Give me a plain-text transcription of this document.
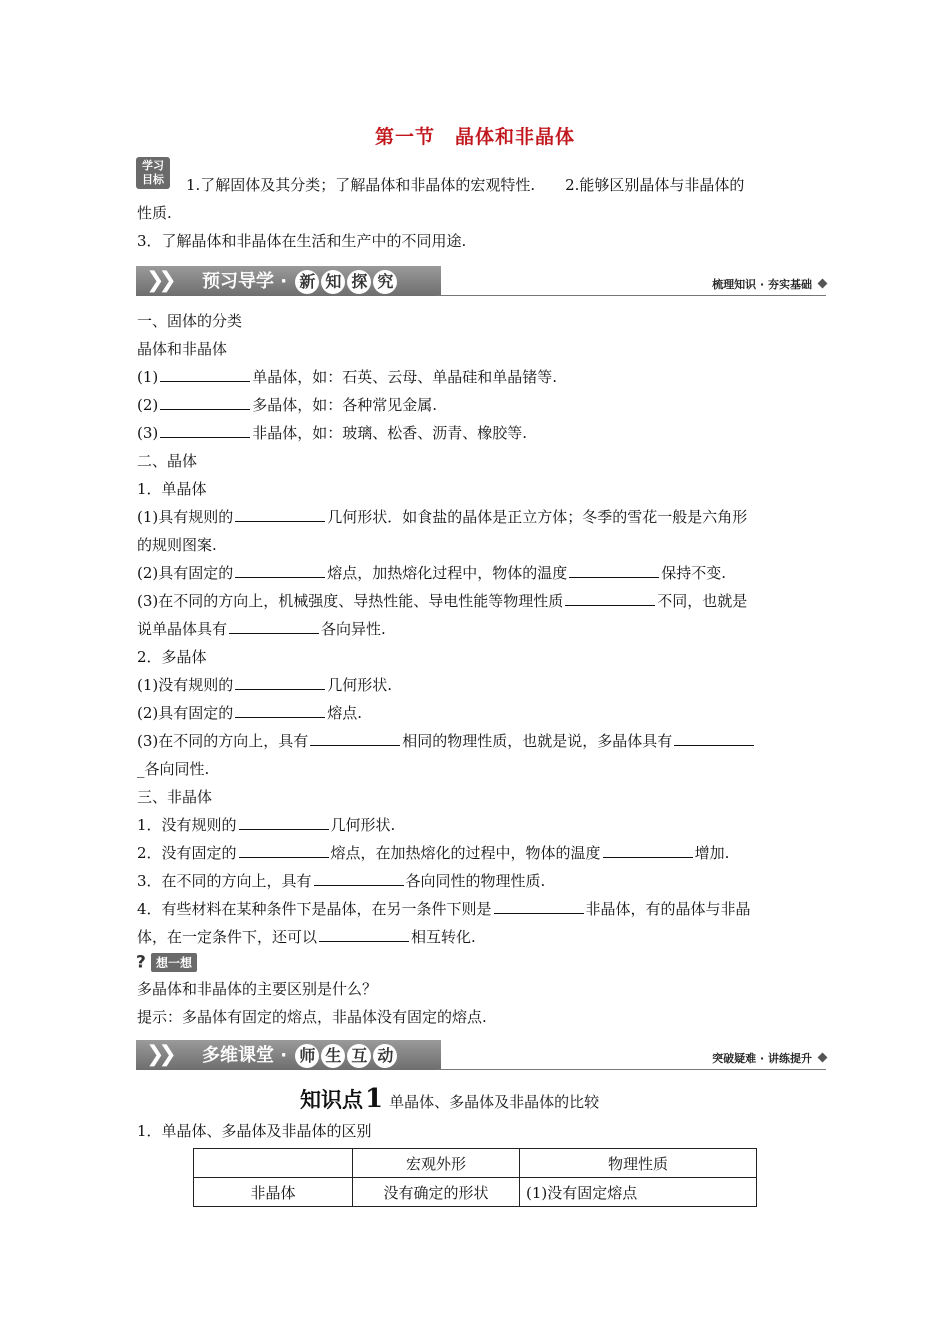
第一节　晶体和非晶体
学习
目标	1.了解固体及其分类；了解晶体和非晶体的宏观特性.　　2.能够区别晶体与非晶体的
性质.
3．了解晶体和非晶体在生活和生产中的不同用途.
❯❯	预习导学 · 新 知 探 究	梳理知识 · 夯实基础
一、固体的分类
晶体和非晶体
(1)	单晶体，如：石英、云母、单晶硅和单晶锗等.
(2)	多晶体，如：各种常见金属.
(3)	非晶体，如：玻璃、松香、沥青、橡胶等.
二、晶体
1．单晶体
(1)具有规则的	几何形状．如食盐的晶体是正立方体；冬季的雪花一般是六角形
的规则图案.
(2)具有固定的	熔点，加热熔化过程中，物体的温度	保持不变.
(3)在不同的方向上，机械强度、导热性能、导电性能等物理性质	不同，也就是
说单晶体具有	各向异性.
2．多晶体
(1)没有规则的	几何形状.
(2)具有固定的	熔点.
(3)在不同的方向上，具有	相同的物理性质，也就是说，多晶体具有
_各向同性.
三、非晶体
1．没有规则的	几何形状.
2．没有固定的	熔点，在加热熔化的过程中，物体的温度	增加.
3．在不同的方向上，具有	各向同性的物理性质.
4．有些材料在某种条件下是晶体，在另一条件下则是	非晶体，有的晶体与非晶
体，在一定条件下，还可以	相互转化.
? 想一想
多晶体和非晶体的主要区别是什么？
提示：多晶体有固定的熔点，非晶体没有固定的熔点.
❯❯	多维课堂 · 师 生 互 动	突破疑难 · 讲练提升
知识点1 单晶体、多晶体及非晶体的比较
1．单晶体、多晶体及非晶体的区别
	宏观外形	物理性质
非晶体	没有确定的形状	(1)没有固定熔点
